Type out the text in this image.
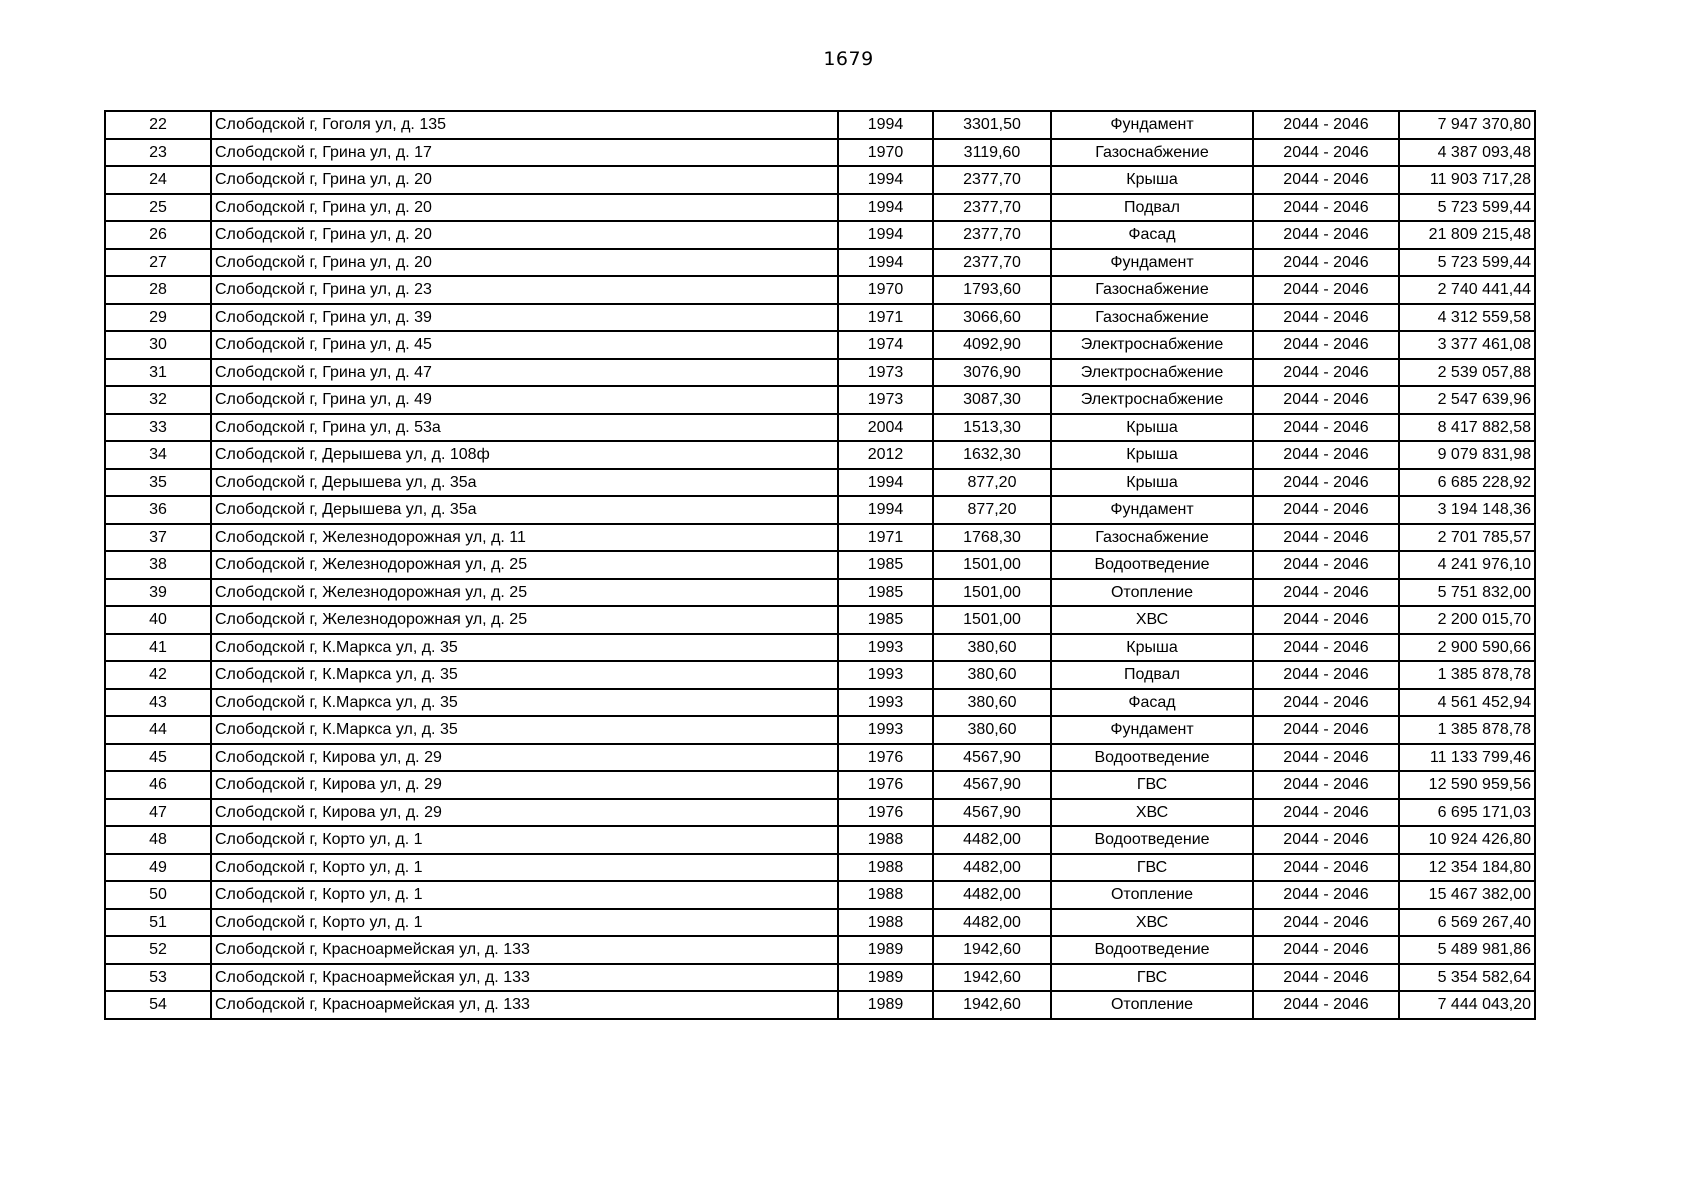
1679
22	Слободской г, Гоголя ул, д. 135	1994	3301,50	Фундамент	2044 - 2046	7 947 370,80
23	Слободской г, Грина ул, д. 17	1970	3119,60	Газоснабжение	2044 - 2046	4 387 093,48
24	Слободской г, Грина ул, д. 20	1994	2377,70	Крыша	2044 - 2046	11 903 717,28
25	Слободской г, Грина ул, д. 20	1994	2377,70	Подвал	2044 - 2046	5 723 599,44
26	Слободской г, Грина ул, д. 20	1994	2377,70	Фасад	2044 - 2046	21 809 215,48
27	Слободской г, Грина ул, д. 20	1994	2377,70	Фундамент	2044 - 2046	5 723 599,44
28	Слободской г, Грина ул, д. 23	1970	1793,60	Газоснабжение	2044 - 2046	2 740 441,44
29	Слободской г, Грина ул, д. 39	1971	3066,60	Газоснабжение	2044 - 2046	4 312 559,58
30	Слободской г, Грина ул, д. 45	1974	4092,90	Электроснабжение	2044 - 2046	3 377 461,08
31	Слободской г, Грина ул, д. 47	1973	3076,90	Электроснабжение	2044 - 2046	2 539 057,88
32	Слободской г, Грина ул, д. 49	1973	3087,30	Электроснабжение	2044 - 2046	2 547 639,96
33	Слободской г, Грина ул, д. 53а	2004	1513,30	Крыша	2044 - 2046	8 417 882,58
34	Слободской г, Дерышева ул, д. 108ф	2012	1632,30	Крыша	2044 - 2046	9 079 831,98
35	Слободской г, Дерышева ул, д. 35а	1994	877,20	Крыша	2044 - 2046	6 685 228,92
36	Слободской г, Дерышева ул, д. 35а	1994	877,20	Фундамент	2044 - 2046	3 194 148,36
37	Слободской г, Железнодорожная ул, д. 11	1971	1768,30	Газоснабжение	2044 - 2046	2 701 785,57
38	Слободской г, Железнодорожная ул, д. 25	1985	1501,00	Водоотведение	2044 - 2046	4 241 976,10
39	Слободской г, Железнодорожная ул, д. 25	1985	1501,00	Отопление	2044 - 2046	5 751 832,00
40	Слободской г, Железнодорожная ул, д. 25	1985	1501,00	ХВС	2044 - 2046	2 200 015,70
41	Слободской г, К.Маркса ул, д. 35	1993	380,60	Крыша	2044 - 2046	2 900 590,66
42	Слободской г, К.Маркса ул, д. 35	1993	380,60	Подвал	2044 - 2046	1 385 878,78
43	Слободской г, К.Маркса ул, д. 35	1993	380,60	Фасад	2044 - 2046	4 561 452,94
44	Слободской г, К.Маркса ул, д. 35	1993	380,60	Фундамент	2044 - 2046	1 385 878,78
45	Слободской г, Кирова ул, д. 29	1976	4567,90	Водоотведение	2044 - 2046	11 133 799,46
46	Слободской г, Кирова ул, д. 29	1976	4567,90	ГВС	2044 - 2046	12 590 959,56
47	Слободской г, Кирова ул, д. 29	1976	4567,90	ХВС	2044 - 2046	6 695 171,03
48	Слободской г, Корто ул, д. 1	1988	4482,00	Водоотведение	2044 - 2046	10 924 426,80
49	Слободской г, Корто ул, д. 1	1988	4482,00	ГВС	2044 - 2046	12 354 184,80
50	Слободской г, Корто ул, д. 1	1988	4482,00	Отопление	2044 - 2046	15 467 382,00
51	Слободской г, Корто ул, д. 1	1988	4482,00	ХВС	2044 - 2046	6 569 267,40
52	Слободской г, Красноармейская ул, д. 133	1989	1942,60	Водоотведение	2044 - 2046	5 489 981,86
53	Слободской г, Красноармейская ул, д. 133	1989	1942,60	ГВС	2044 - 2046	5 354 582,64
54	Слободской г, Красноармейская ул, д. 133	1989	1942,60	Отопление	2044 - 2046	7 444 043,20
